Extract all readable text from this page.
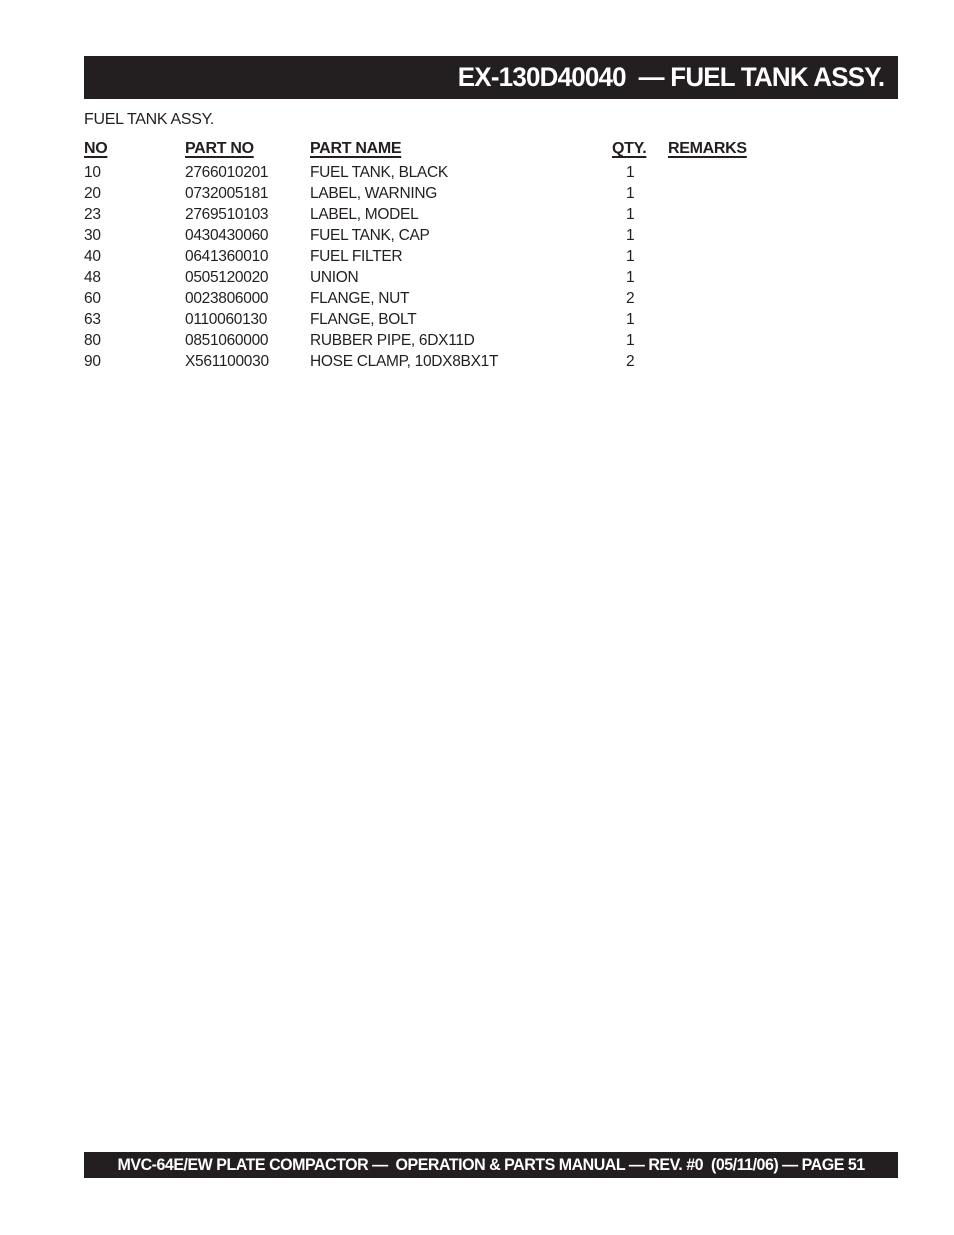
EX-130D40040  — FUEL TANK ASSY.
FUEL TANK ASSY.
NO	PART NO	PART NAME	QTY.	REMARKS
10	2766010201	FUEL TANK, BLACK	1	
20	0732005181	LABEL, WARNING	1	
23	2769510103	LABEL, MODEL	1	
30	0430430060	FUEL TANK, CAP	1	
40	0641360010	FUEL FILTER	1	
48	0505120020	UNION	1	
60	0023806000	FLANGE, NUT	2	
63	0110060130	FLANGE, BOLT	1	
80	0851060000	RUBBER PIPE, 6DX11D	1	
90	X561100030	HOSE CLAMP, 10DX8BX1T	2	
MVC-64E/EW PLATE COMPACTOR —  OPERATION & PARTS MANUAL — REV. #0  (05/11/06) — PAGE 51
